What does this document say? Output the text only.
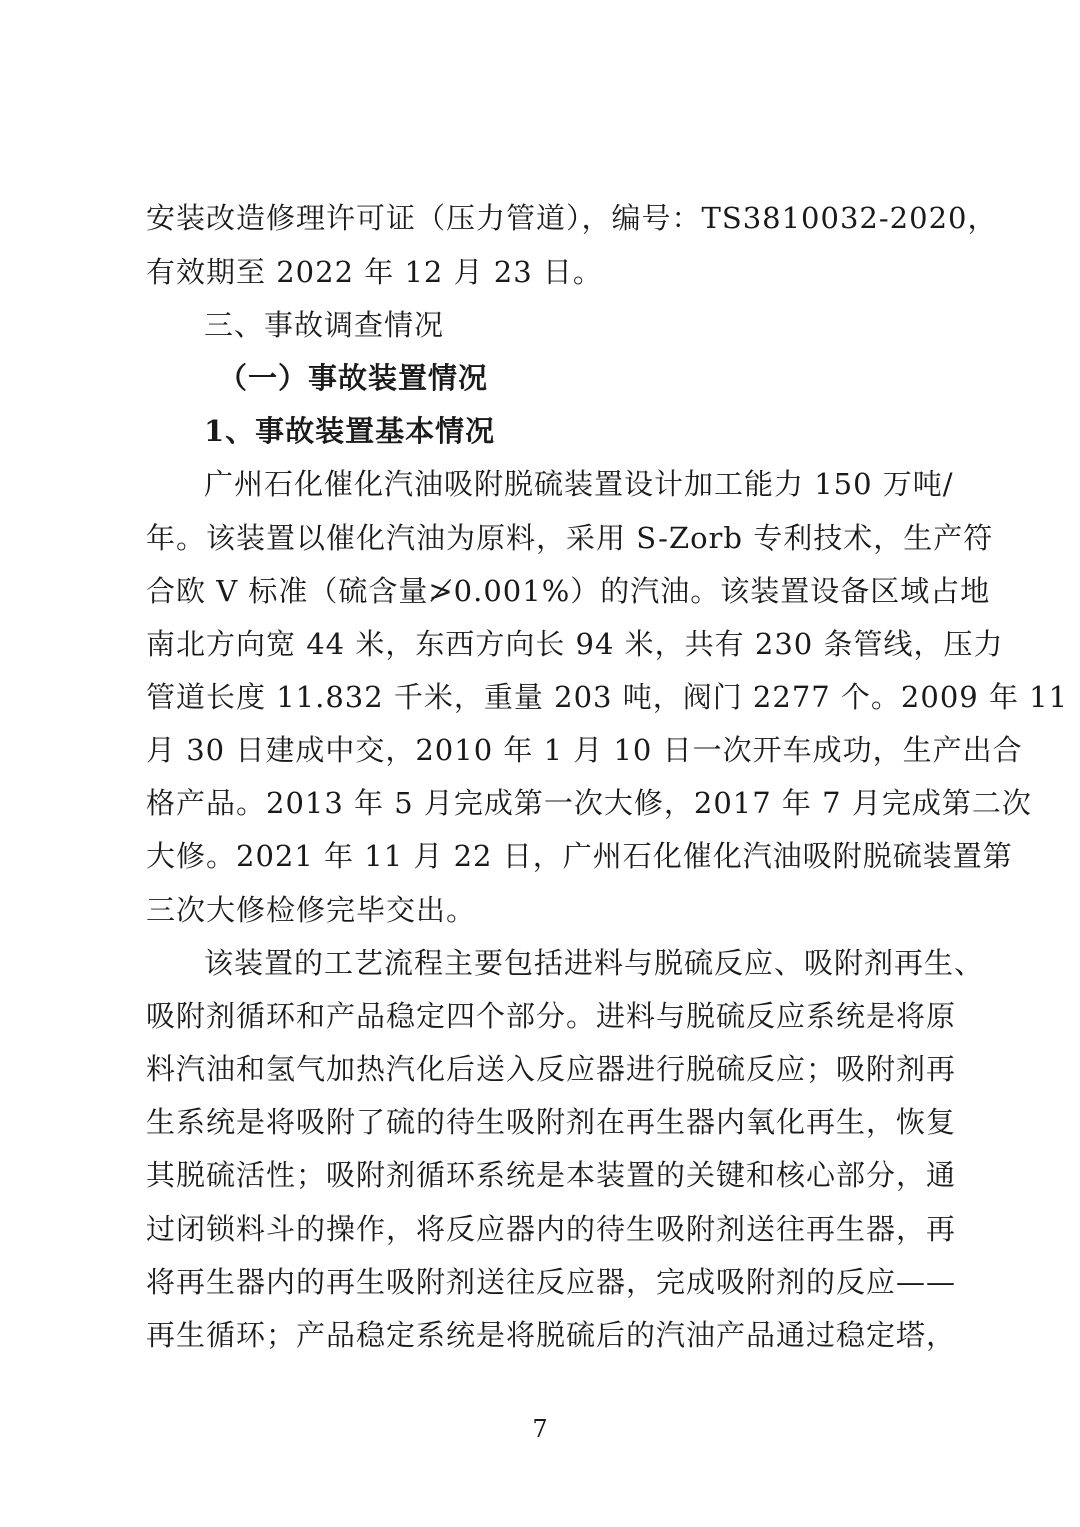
安装改造修理许可证（压力管道），编号：TS3810032-2020，
有效期至 2022 年 12 月 23 日。
三、事故调查情况
（一）事故装置情况
1、事故装置基本情况
广州石化催化汽油吸附脱硫装置设计加工能力 150 万吨/
年。该装置以催化汽油为原料，采用 S-Zorb 专利技术，生产符
合欧 V 标准（硫含量≯0.001%）的汽油。该装置设备区域占地
南北方向宽 44 米，东西方向长 94 米，共有 230 条管线，压力
管道长度 11.832 千米，重量 203 吨，阀门 2277 个。2009 年 11
月 30 日建成中交，2010 年 1 月 10 日一次开车成功，生产出合
格产品。2013 年 5 月完成第一次大修，2017 年 7 月完成第二次
大修。2021 年 11 月 22 日，广州石化催化汽油吸附脱硫装置第
三次大修检修完毕交出。
该装置的工艺流程主要包括进料与脱硫反应、吸附剂再生、
吸附剂循环和产品稳定四个部分。进料与脱硫反应系统是将原
料汽油和氢气加热汽化后送入反应器进行脱硫反应；吸附剂再
生系统是将吸附了硫的待生吸附剂在再生器内氧化再生，恢复
其脱硫活性；吸附剂循环系统是本装置的关键和核心部分，通
过闭锁料斗的操作，将反应器内的待生吸附剂送往再生器，再
将再生器内的再生吸附剂送往反应器，完成吸附剂的反应——
再生循环；产品稳定系统是将脱硫后的汽油产品通过稳定塔，
7
